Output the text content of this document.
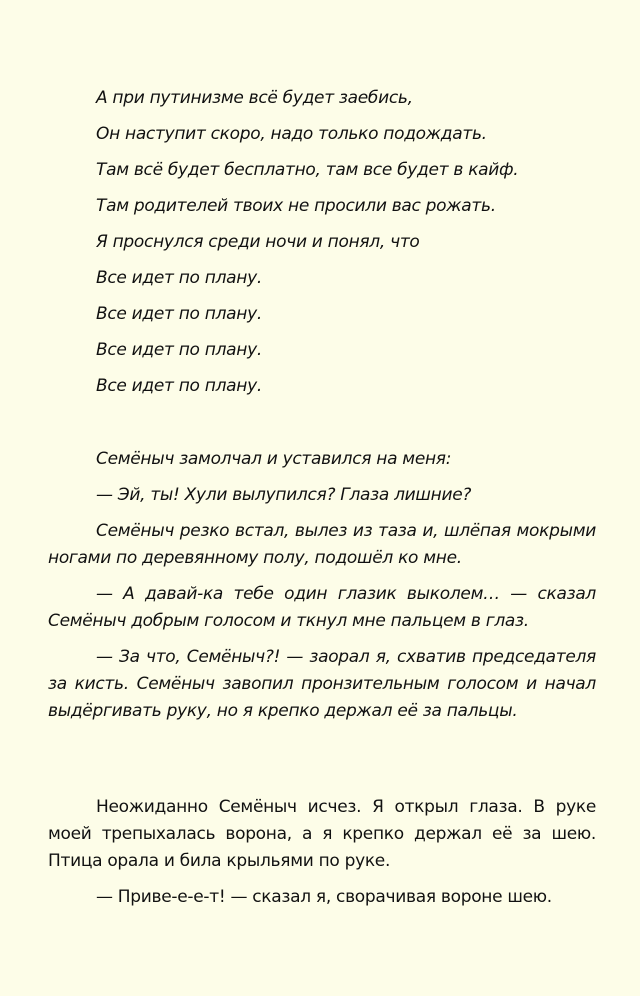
А при путинизме всё будет заебись,
Он наступит скоро, надо только подождать.
Там всё будет бесплатно, там все будет в кайф.
Там родителей твоих не просили вас рожать.
Я проснулся среди ночи и понял, что
Все идет по плану.
Все идет по плану.
Все идет по плану.
Все идет по плану.

Семёныч замолчал и уставился на меня:

— Эй, ты! Хули вылупился? Глаза лишние?

Семёныч резко встал, вылез из таза и, шлёпая мокрыми ногами по деревянному полу, подошёл ко мне.

— А давай-ка тебе один глазик выколем… — сказал Семёныч добрым голосом и ткнул мне пальцем в глаз.

— За что, Семёныч?! — заорал я, схватив председателя за кисть. Семёныч завопил пронзительным голосом и начал выдёргивать руку, но я крепко держал её за пальцы.

Неожиданно Семёныч исчез. Я открыл глаза. В руке моей трепыхалась ворона, а я крепко держал её за шею. Птица орала и била крыльями по руке.

— Приве-е-е-т! — сказал я, сворачивая вороне шею.
